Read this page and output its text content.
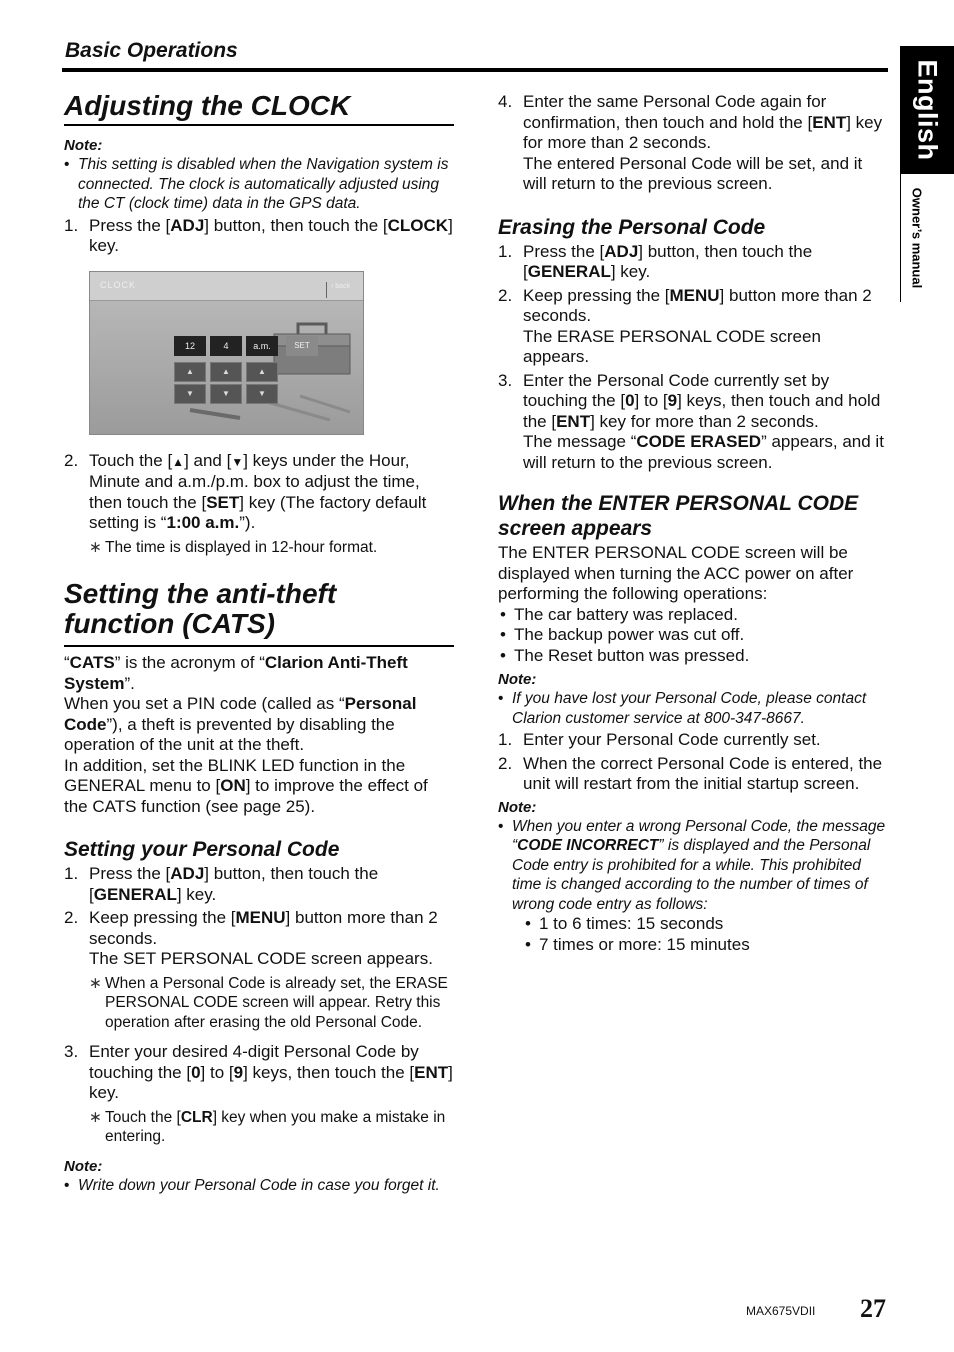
Basic Operations
English
Owner’s manual
Adjusting the CLOCK
Note:
• This setting is disabled when the Navigation system is connected. The clock is automatically adjusted using the CT (clock time) data in the GPS data.
1. Press the [ADJ] button, then touch the [CLOCK] key.
CLOCK	‹ back
12	4	a.m.	SET
▲	▲	▲
▼	▼	▼
2. Touch the [▲] and [▼] keys under the Hour, Minute and a.m./p.m. box to adjust the time, then touch the [SET] key (The factory default setting is “1:00 a.m.”).
∗ The time is displayed in 12-hour format.
Setting the anti-theft function (CATS)

“CATS” is the acronym of “Clarion Anti-Theft System”.

When you set a PIN code (called as “Personal Code”), a theft is prevented by disabling the operation of the unit at the theft.

In addition, set the BLINK LED function in the GENERAL menu to [ON] to improve the effect of the CATS function (see page 25).

Setting your Personal Code
1. Press the [ADJ] button, then touch the [GENERAL] key.
2. Keep pressing the [MENU] button more than 2 seconds.
The SET PERSONAL CODE screen appears.
∗ When a Personal Code is already set, the ERASE PERSONAL CODE screen will appear. Retry this operation after erasing the old Personal Code.
3. Enter your desired 4-digit Personal Code by touching the [0] to [9] keys, then touch the [ENT] key.
∗ Touch the [CLR] key when you make a mistake in entering.
Note:
• Write down your Personal Code in case you forget it.
4. Enter the same Personal Code again for confirmation, then touch and hold the [ENT] key for more than 2 seconds.
The entered Personal Code will be set, and it will return to the previous screen.
Erasing the Personal Code
1. Press the [ADJ] button, then touch the [GENERAL] key.
2. Keep pressing the [MENU] button more than 2 seconds.
The ERASE PERSONAL CODE screen appears.
3. Enter the Personal Code currently set by touching the [0] to [9] keys, then touch and hold the [ENT] key for more than 2 seconds.
The message “CODE ERASED” appears, and it will return to the previous screen.
When the ENTER PERSONAL CODE screen appears

The ENTER PERSONAL CODE screen will be displayed when turning the ACC power on after performing the following operations:

• The car battery was replaced.
• The backup power was cut off.
• The Reset button was pressed.
Note:
• If you have lost your Personal Code, please contact Clarion customer service at 800-347-8667.
1. Enter your Personal Code currently set.
2. When the correct Personal Code is entered, the unit will restart from the initial startup screen.
Note:
• When you enter a wrong Personal Code, the message “CODE INCORRECT” is displayed and the Personal Code entry is prohibited for a while. This prohibited time is changed according to the number of times of wrong code entry as follows:
• 1 to 6 times: 15 seconds
• 7 times or more: 15 minutes
MAX675VDII 27
